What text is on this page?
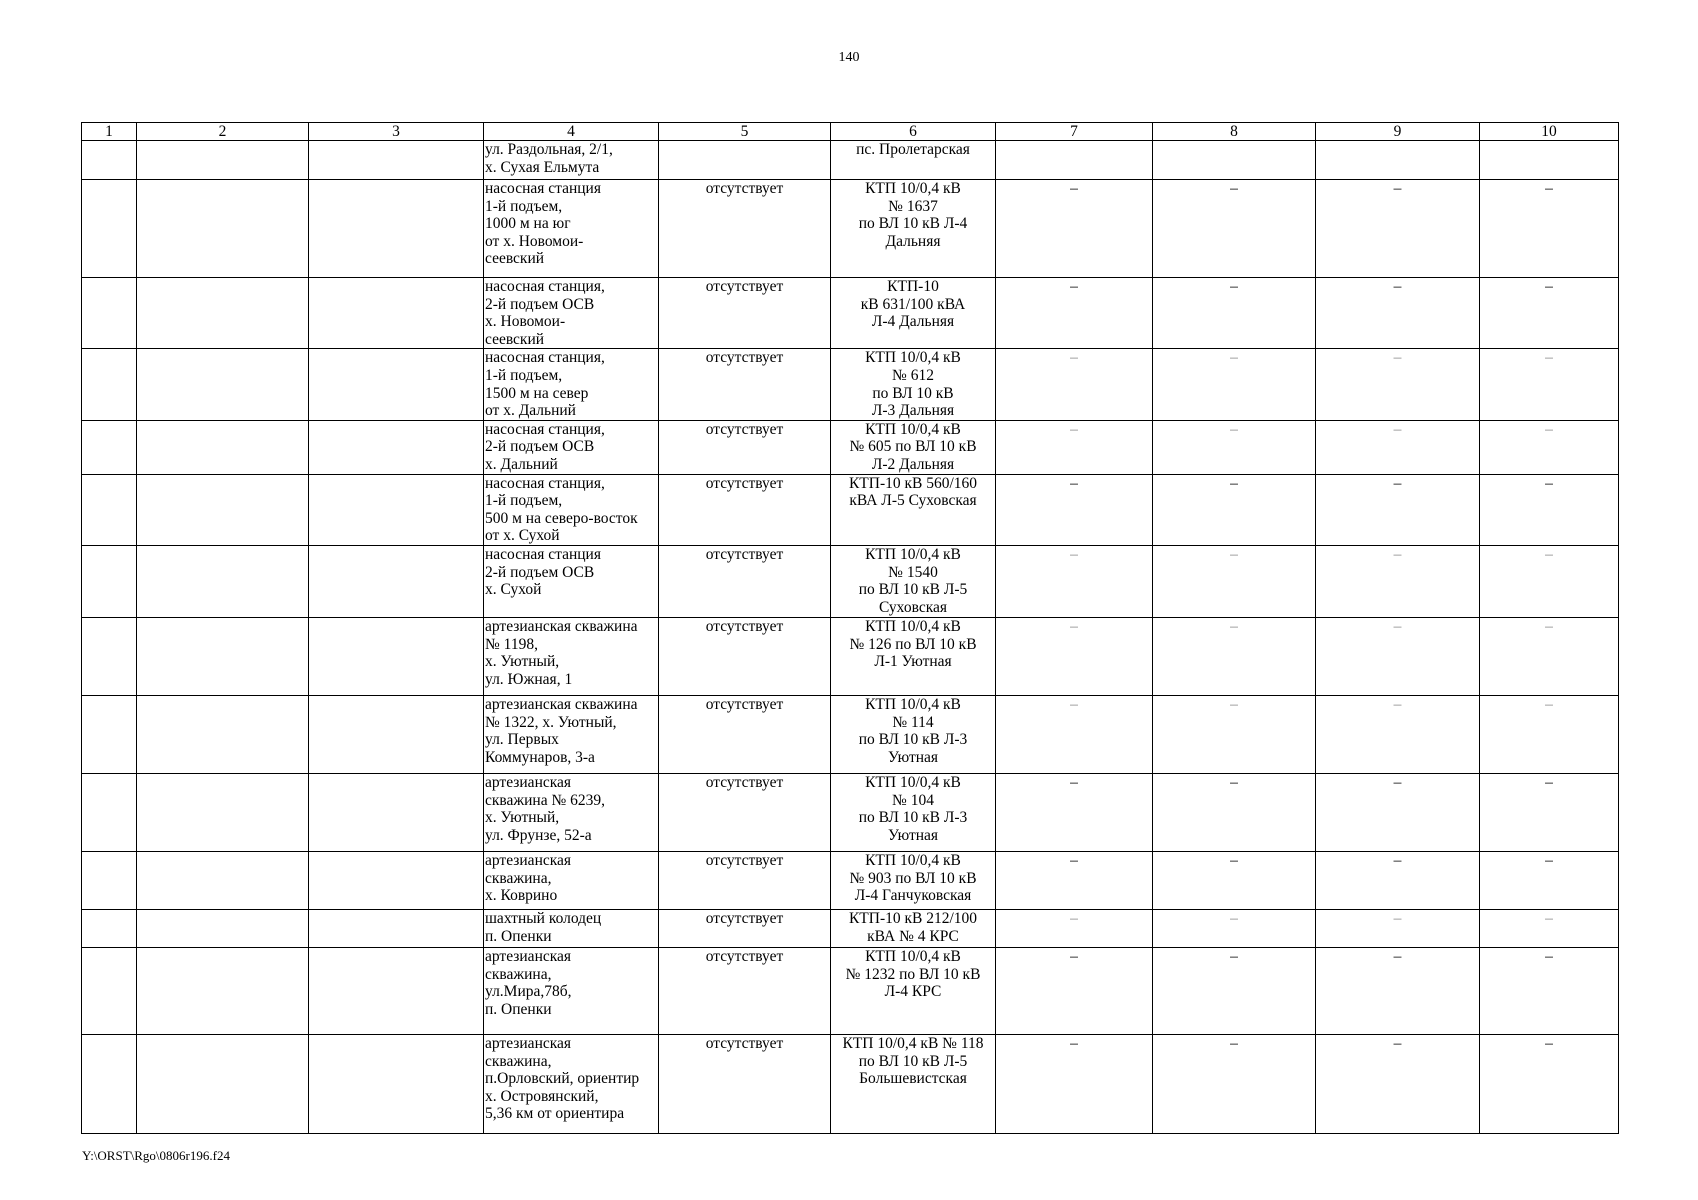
140
1	2	3	4	5	6	7	8	9	10
			ул. Раздольная, 2/1,
х. Сухая Ельмута		пс. Пролетарская				
			насосная станция
1-й подъем,
1000 м на юг
от х. Новомои-
сеевский	отсутствует	КТП 10/0,4 кВ
№ 1637
по ВЛ 10 кВ Л-4
Дальняя	–	–	–	–
			насосная станция,
2-й подъем ОСВ
х. Новомои-
сеевский	отсутствует	КТП-10
кВ 631/100 кВА
Л-4 Дальняя	–	–	–	–
			насосная станция,
1-й подъем,
1500 м на север
от х. Дальний	отсутствует	КТП 10/0,4 кВ
№ 612
по ВЛ 10 кВ
Л-3 Дальняя	–	–	–	–
			насосная станция,
2-й подъем ОСВ
х. Дальний	отсутствует	КТП 10/0,4 кВ
№ 605 по ВЛ 10 кВ
Л-2 Дальняя	–	–	–	–
			насосная станция,
1-й подъем,
500 м на северо-восток
от х. Сухой	отсутствует	КТП-10 кВ 560/160
кВА Л-5 Суховская	–	–	–	–
			насосная станция
2-й подъем ОСВ
х. Сухой	отсутствует	КТП 10/0,4 кВ
№ 1540
по ВЛ 10 кВ Л-5
Суховская	–	–	–	–
			артезианская скважина
№ 1198,
х. Уютный,
ул. Южная, 1	отсутствует	КТП 10/0,4 кВ
№ 126 по ВЛ 10 кВ
Л-1 Уютная	–	–	–	–
			артезианская скважина
№ 1322, х. Уютный,
ул. Первых
Коммунаров, 3-а	отсутствует	КТП 10/0,4 кВ
№ 114
по ВЛ 10 кВ Л-3
Уютная	–	–	–	–
			артезианская
скважина № 6239,
х. Уютный,
ул. Фрунзе, 52-а	отсутствует	КТП 10/0,4 кВ
№ 104
по ВЛ 10 кВ Л-3
Уютная	–	–	–	–
			артезианская
скважина,
х. Коврино	отсутствует	КТП 10/0,4 кВ
№ 903 по ВЛ 10 кВ
Л-4 Ганчуковская	–	–	–	–
			шахтный колодец
п. Опенки	отсутствует	КТП-10 кВ 212/100
кВА № 4 КРС	–	–	–	–
			артезианская
скважина,
ул.Мира,78б,
п. Опенки	отсутствует	КТП 10/0,4 кВ
№ 1232 по ВЛ 10 кВ
Л-4 КРС	–	–	–	–
			артезианская
скважина,
п.Орловский, ориентир
х. Островянский,
5,36 км от ориентира	отсутствует	КТП 10/0,4 кВ № 118
по ВЛ 10 кВ Л-5
Большевистская	–	–	–	–
Y:\ORST\Rgo\0806r196.f24
